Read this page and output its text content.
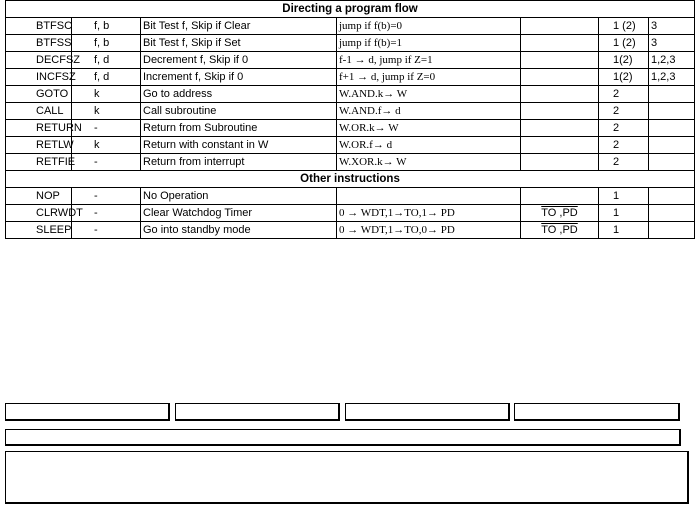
Directing a program flow						
BTFSC	f, b	Bit Test f, Skip if Clear	jump if f(b)=0		1 (2)	3
BTFSS	f, b	Bit Test f, Skip if Set	jump if f(b)=1		1 (2)	3
DECFSZ	f, d	Decrement f, Skip if 0	f-1 → d, jump if Z=1		1(2)	1,2,3
INCFSZ	f, d	Increment f, Skip if 0	f+1 → d, jump if Z=0		1(2)	1,2,3
GOTO	k	Go to address	W.AND.k→ W		2	
CALL	k	Call subroutine	W.AND.f→ d		2	
RETURN	-	Return from Subroutine	W.OR.k→ W		2	
RETLW	k	Return with constant in W	W.OR.f→ d		2	
RETFIE	-	Return from interrupt	W.XOR.k→ W		2	
Other instructions						
NOP	-	No Operation			1	
CLRWDT	-	Clear Watchdog Timer	0 → WDT,1→TO,1→ PD	TO ,PD	1	
SLEEP	-	Go into standby mode	0 → WDT,1→TO,0→ PD	TO ,PD	1	
